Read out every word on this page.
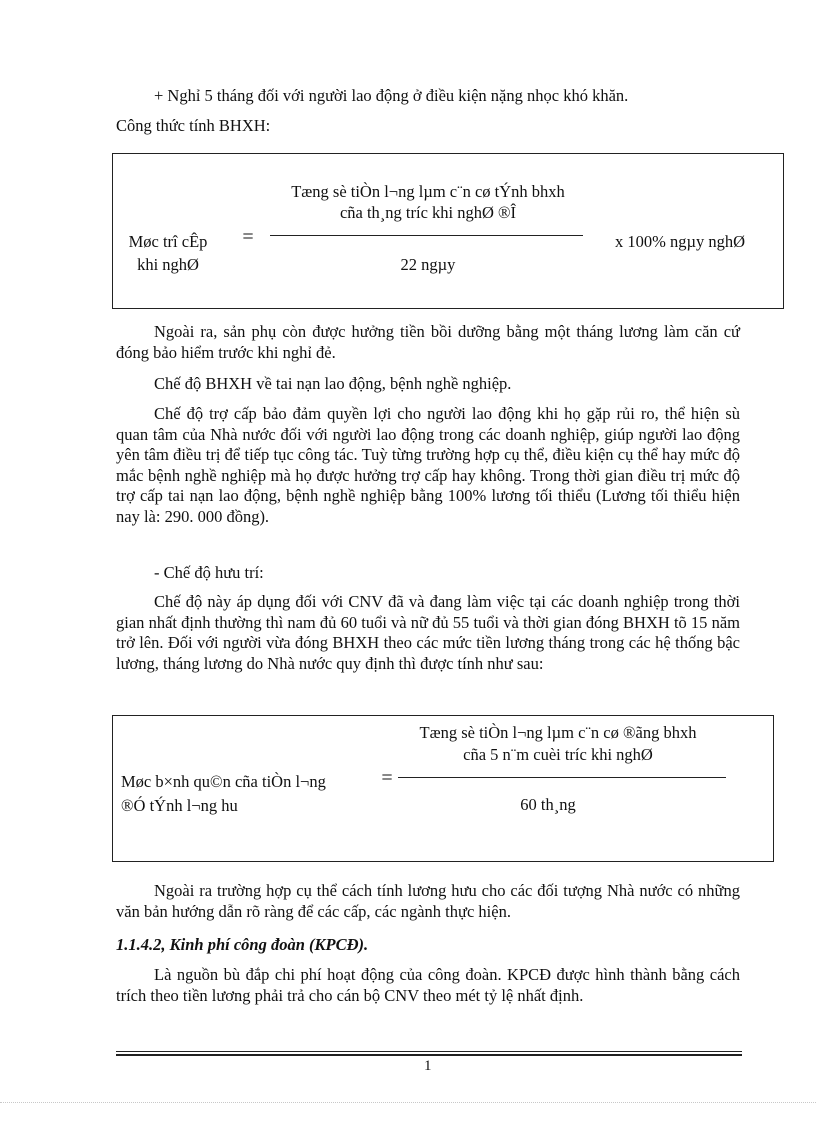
+ Nghỉ 5 tháng đối với người lao động ở điều kiện nặng nhọc khó khăn.
Công thức tính BHXH:
Tæng sè tiÒn l¬ng lµm c¨n cø tÝnh bhxh
cña th¸ng tríc khi nghØ ®Î
=
Møc trî cÊp
khi nghØ	22 ngµy
x 100% ngµy nghØ
Ngoài ra, sản phụ còn được hưởng tiền bồi dưỡng bằng một tháng lương làm căn cứ đóng bảo hiểm trước khi nghỉ đẻ.
Chế độ BHXH về tai nạn lao động, bệnh nghề nghiệp.
Chế độ trợ cấp bảo đảm quyền lợi cho người lao động khi họ gặp rủi ro, thể hiện sù quan tâm của Nhà nước đối với người lao động trong các doanh nghiệp, giúp người lao động yên tâm điều trị để tiếp tục công tác. Tuỳ từng trường hợp cụ thể, điều kiện cụ thể hay mức độ mắc bệnh nghề nghiệp mà họ được hưởng trợ cấp hay không. Trong thời gian điều trị mức độ trợ cấp tai nạn lao động, bệnh nghề nghiệp bằng 100% lương tối thiểu (Lương tối thiểu hiện nay là: 290. 000 đồng).
- Chế độ hưu trí:
Chế độ này áp dụng đối với CNV đã và đang làm việc tại các doanh nghiệp trong thời gian nhất định thường thì nam đủ 60 tuổi và nữ đủ 55 tuổi và thời gian đóng BHXH tõ 15 năm trở lên. Đối với người vừa đóng BHXH theo các mức tiền lương tháng trong các hệ thống bậc lương, tháng lương do Nhà nước quy định thì được tính như sau:
Tæng sè tiÒn l¬ng lµm c¨n cø ®ãng bhxh
cña 5 n¨m cuèi tríc khi nghØ
=
Møc b×nh qu©n cña tiÒn l¬ng
®Ó tÝnh l¬ng hu	60 th¸ng
Ngoài ra trường hợp cụ thể cách tính lương hưu cho các đối tượng Nhà nước có những văn bản hướng dẫn rõ ràng để các cấp, các ngành thực hiện.
1.1.4.2, Kinh phí công đoàn (KPCĐ).
Là nguồn bù đắp chi phí hoạt động của công đoàn. KPCĐ được hình thành bằng cách trích theo tiền lương phải trả cho cán bộ CNV theo mét tỷ lệ nhất định.
1
